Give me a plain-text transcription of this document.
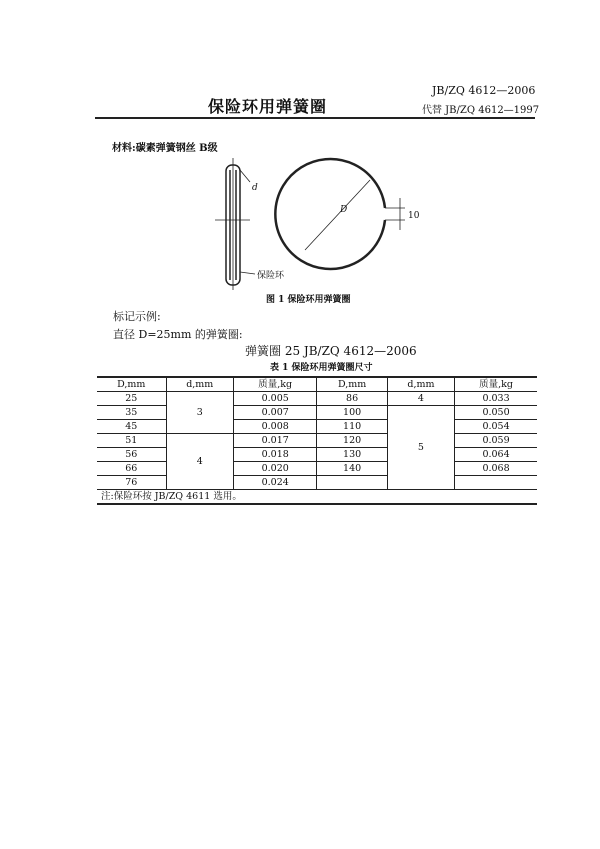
保险环用弹簧圈
JB/ZQ 4612—2006
代替 JB/ZQ 4612—1997
材料:碳素弹簧钢丝 B级
d
保险环
D
10
图 1 保险环用弹簧圈
标记示例:
直径 D=25mm 的弹簧圈:
弹簧圈 25 JB/ZQ 4612—2006
表 1 保险环用弹簧圈尺寸
D,mm	d,mm	质量,kg	D,mm	d,mm	质量,kg
25	3	0.005	86	4	0.033
35		0.007	100	5	0.050
45		0.008	110		0.054
51	4	0.017	120		0.059
56		0.018	130		0.064
66		0.020	140		0.068
76		0.024			
注:保险环按 JB/ZQ 4611 选用。					
